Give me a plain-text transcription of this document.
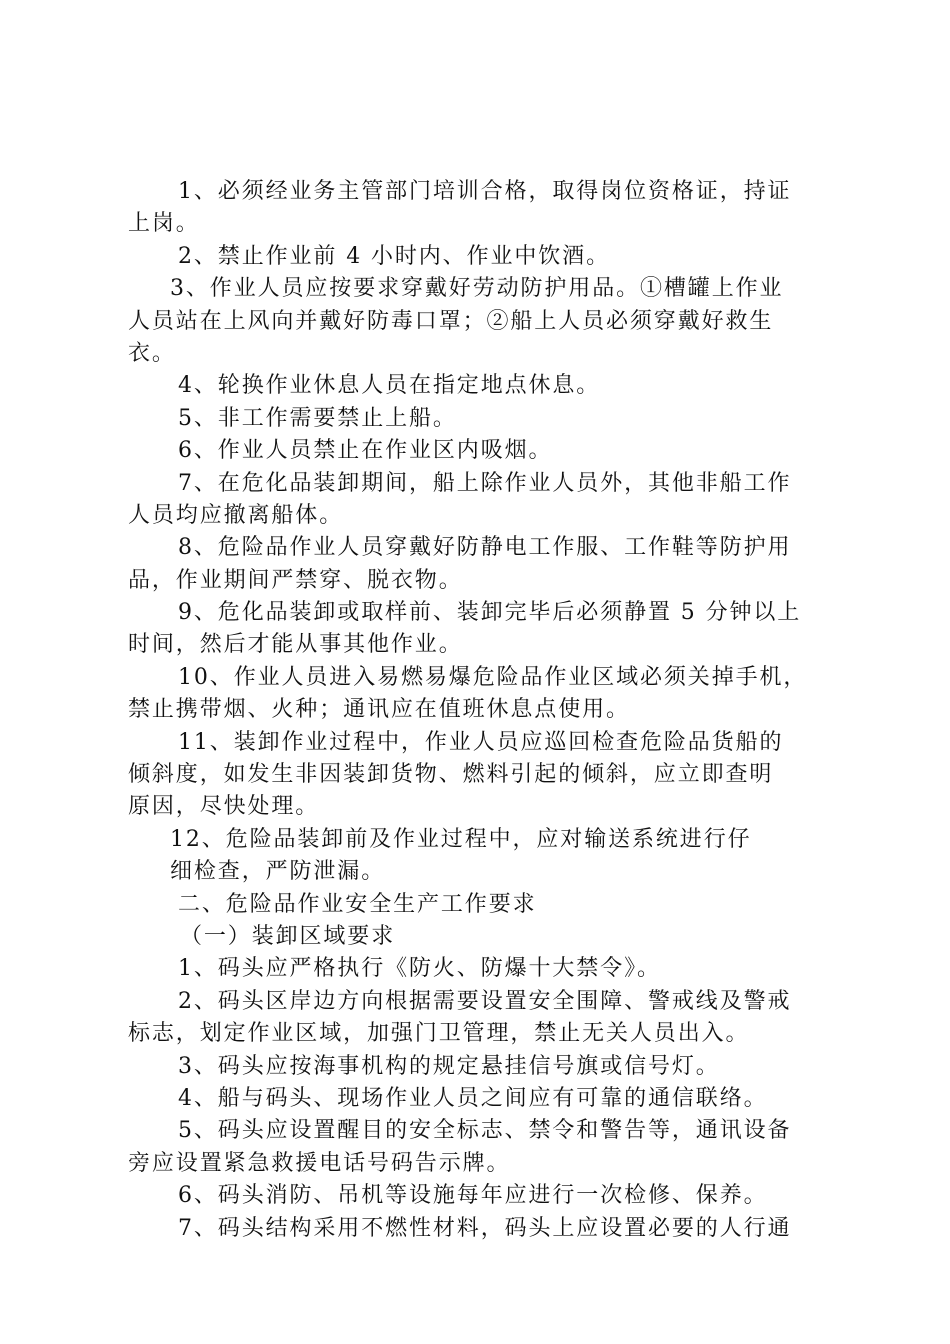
1、必须经业务主管部门培训合格，取得岗位资格证，持证
上岗。
2、禁止作业前 4 小时内、作业中饮酒。
3、作业人员应按要求穿戴好劳动防护用品。①槽罐上作业
人员站在上风向并戴好防毒口罩；②船上人员必须穿戴好救生
衣。
4、轮换作业休息人员在指定地点休息。
5、非工作需要禁止上船。
6、作业人员禁止在作业区内吸烟。
7、在危化品装卸期间，船上除作业人员外，其他非船工作
人员均应撤离船体。
8、危险品作业人员穿戴好防静电工作服、工作鞋等防护用
品，作业期间严禁穿、脱衣物。
9、危化品装卸或取样前、装卸完毕后必须静置 5 分钟以上
时间，然后才能从事其他作业。
10、作业人员进入易燃易爆危险品作业区域必须关掉手机，
禁止携带烟、火种；通讯应在值班休息点使用。
11、装卸作业过程中，作业人员应巡回检查危险品货船的
倾斜度，如发生非因装卸货物、燃料引起的倾斜，应立即查明
原因，尽快处理。
12、危险品装卸前及作业过程中，应对输送系统进行仔
细检查，严防泄漏。
二、危险品作业安全生产工作要求
（一）装卸区域要求
1、码头应严格执行《防火、防爆十大禁令》。
2、码头区岸边方向根据需要设置安全围障、警戒线及警戒
标志，划定作业区域，加强门卫管理，禁止无关人员出入。
3、码头应按海事机构的规定悬挂信号旗或信号灯。
4、船与码头、现场作业人员之间应有可靠的通信联络。
5、码头应设置醒目的安全标志、禁令和警告等，通讯设备
旁应设置紧急救援电话号码告示牌。
6、码头消防、吊机等设施每年应进行一次检修、保养。
7、码头结构采用不燃性材料，码头上应设置必要的人行通
